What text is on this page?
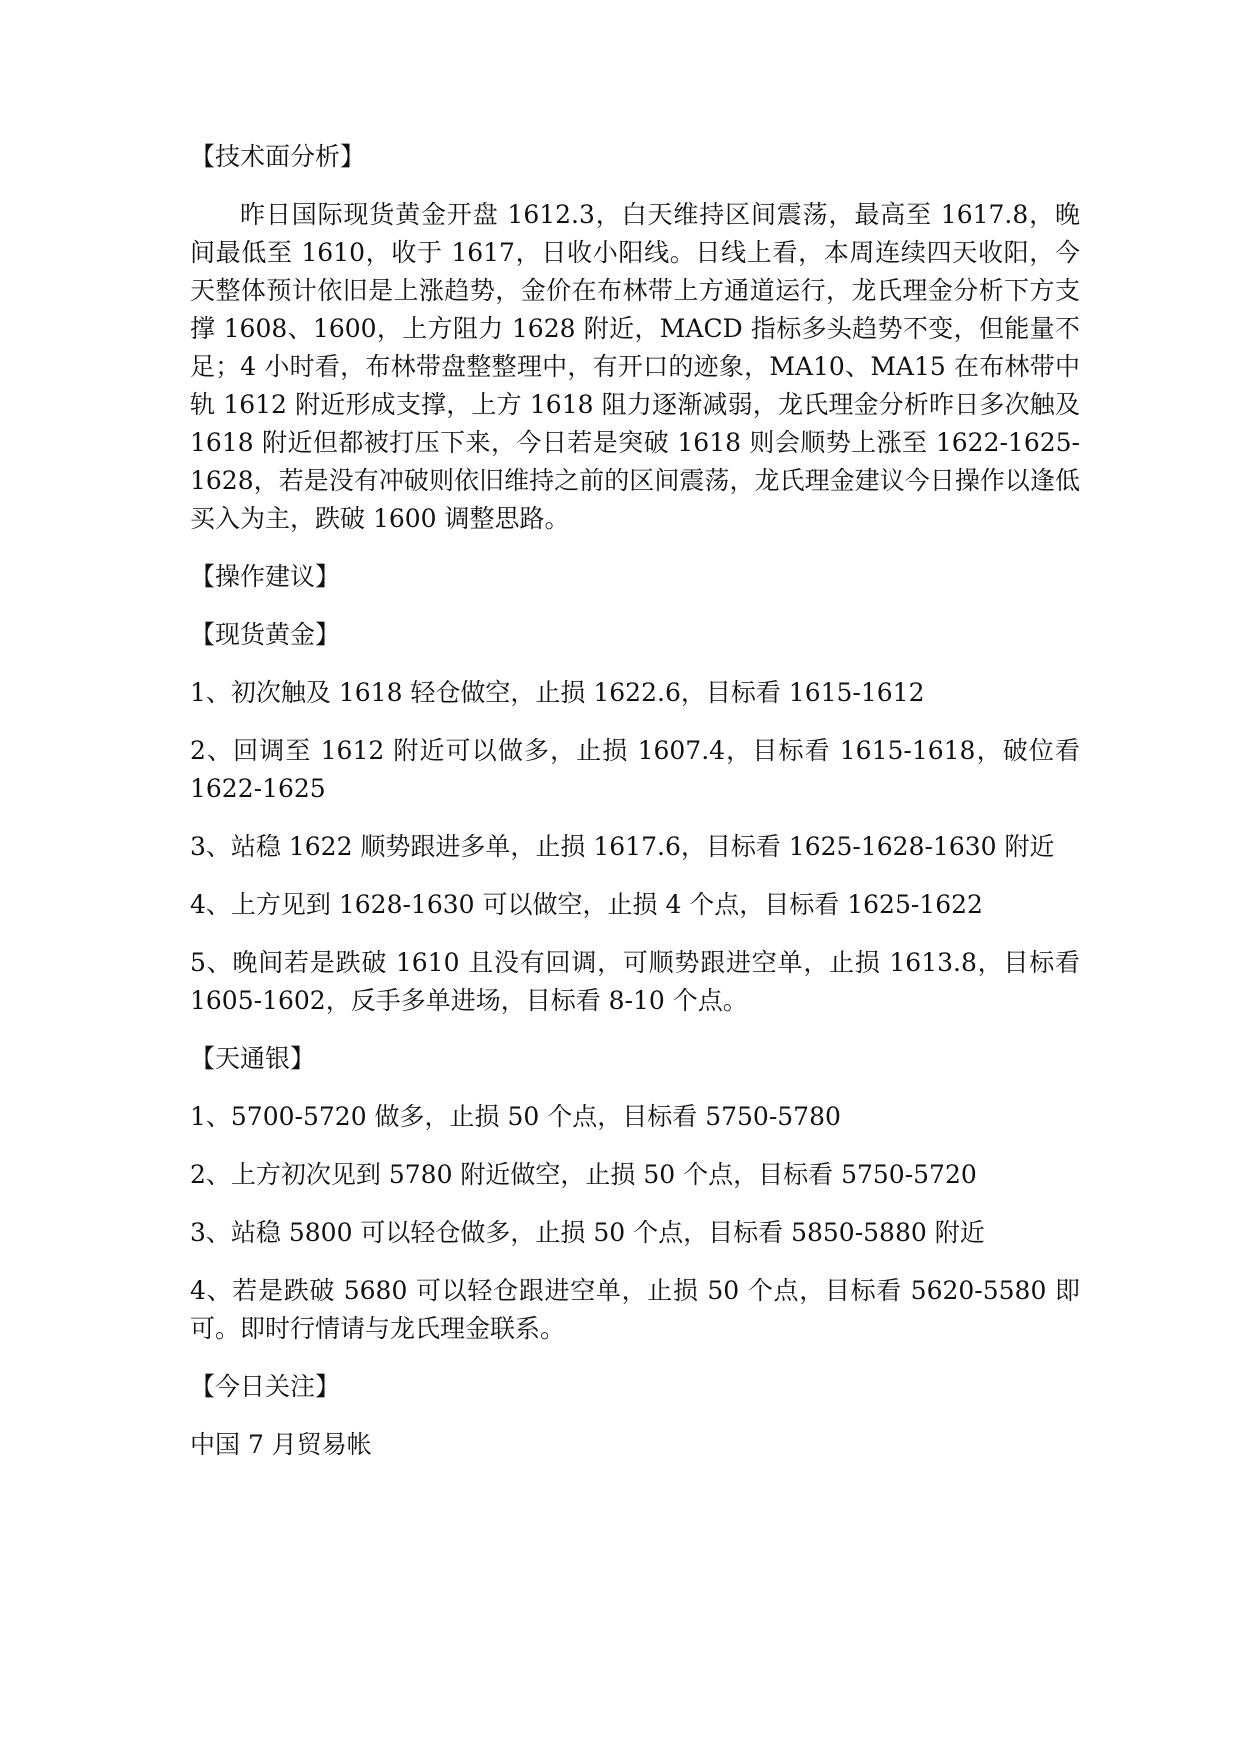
【技术面分析】

昨日国际现货黄金开盘 1612.3，白天维持区间震荡，最高至 1617.8，晚间最低至 1610，收于 1617，日收小阳线。日线上看，本周连续四天收阳，今天整体预计依旧是上涨趋势，金价在布林带上方通道运行，龙氏理金分析下方支撑 1608、1600，上方阻力 1628 附近，MACD 指标多头趋势不变，但能量不足；4 小时看，布林带盘整整理中，有开口的迹象，MA10、MA15 在布林带中轨 1612 附近形成支撑，上方 1618 阻力逐渐减弱，龙氏理金分析昨日多次触及 1618 附近但都被打压下来，今日若是突破 1618 则会顺势上涨至 1622-1625-1628，若是没有冲破则依旧维持之前的区间震荡，龙氏理金建议今日操作以逢低买入为主，跌破 1600 调整思路。

【操作建议】

【现货黄金】

1、初次触及 1618 轻仓做空，止损 1622.6，目标看 1615-1612

2、回调至 1612 附近可以做多，止损 1607.4，目标看 1615-1618，破位看 1622-1625

3、站稳 1622 顺势跟进多单，止损 1617.6，目标看 1625-1628-1630 附近

4、上方见到 1628-1630 可以做空，止损 4 个点，目标看 1625-1622

5、晚间若是跌破 1610 且没有回调，可顺势跟进空单，止损 1613.8，目标看 1605-1602，反手多单进场，目标看 8-10 个点。

【天通银】

1、5700-5720 做多，止损 50 个点，目标看 5750-5780

2、上方初次见到 5780 附近做空，止损 50 个点，目标看 5750-5720

3、站稳 5800 可以轻仓做多，止损 50 个点，目标看 5850-5880 附近

4、若是跌破 5680 可以轻仓跟进空单，止损 50 个点，目标看 5620-5580 即可。即时行情请与龙氏理金联系。

【今日关注】

中国 7 月贸易帐
